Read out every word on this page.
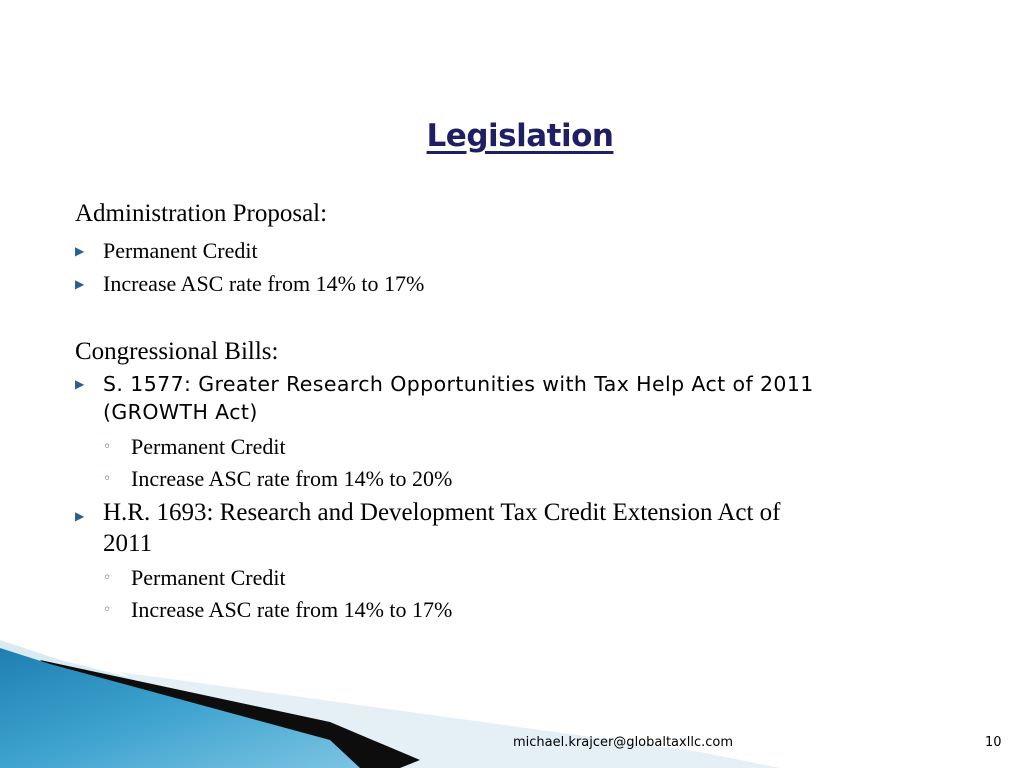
Legislation
Administration Proposal:
▶ Permanent Credit
▶ Increase ASC rate from 14% to 17%
Congressional Bills:
▶ S. 1577: Greater Research Opportunities with Tax Help Act of 2011
(GROWTH Act)
◦ Permanent Credit
◦ Increase ASC rate from 14% to 20%
▶ H.R. 1693: Research and Development Tax Credit Extension Act of
2011
◦ Permanent Credit
◦ Increase ASC rate from 14% to 17%
michael.krajcer@globaltaxllc.com	10
